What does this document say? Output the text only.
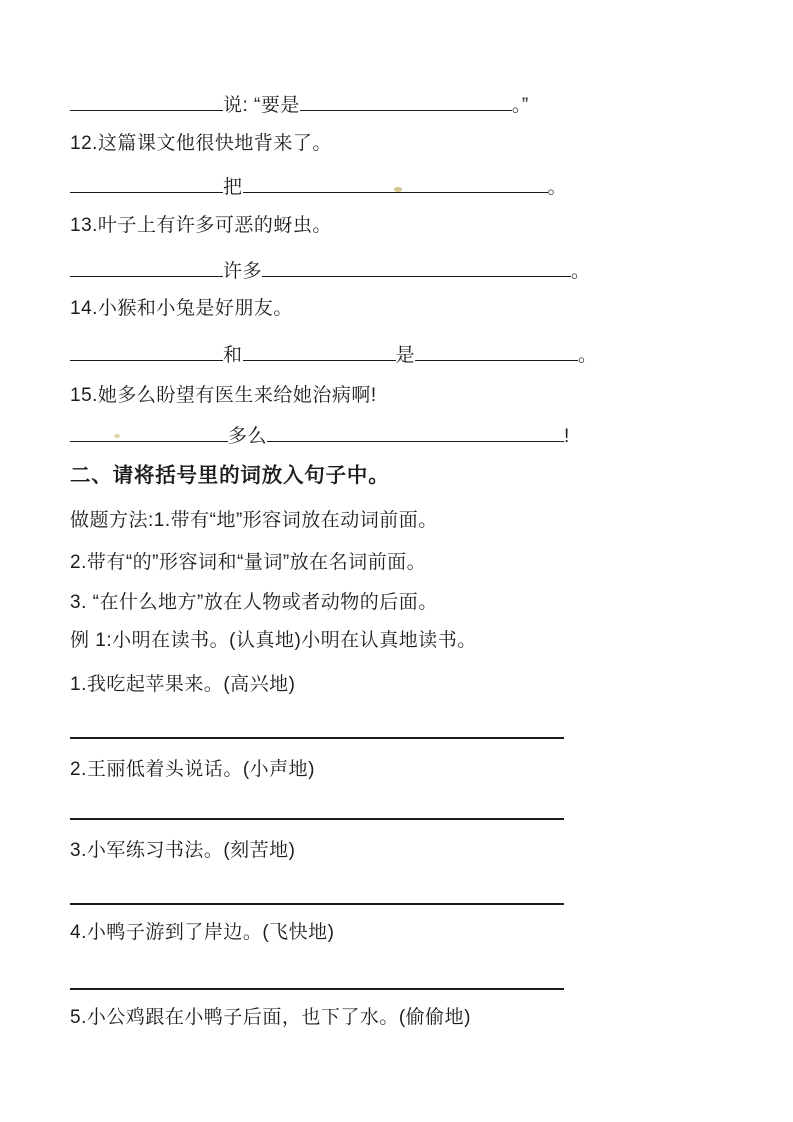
说: “要是	。”
12.这篇课文他很快地背来了。
把	。
13.叶子上有许多可恶的蚜虫。
许多	。
14.小猴和小兔是好朋友。
和	是	。
15.她多么盼望有医生来给她治病啊!
多么	!
二、请将括号里的词放入句子中。
做题方法:1.带有“地”形容词放在动词前面。
2.带有“的”形容词和“量词”放在名词前面。
3. “在什么地方”放在人物或者动物的后面。
例 1:小明在读书。(认真地)小明在认真地读书。
1.我吃起苹果来。(高兴地)
2.王丽低着头说话。(小声地)
3.小军练习书法。(刻苦地)
4.小鸭子游到了岸边。(飞快地)
5.小公鸡跟在小鸭子后面，也下了水。(偷偷地)
